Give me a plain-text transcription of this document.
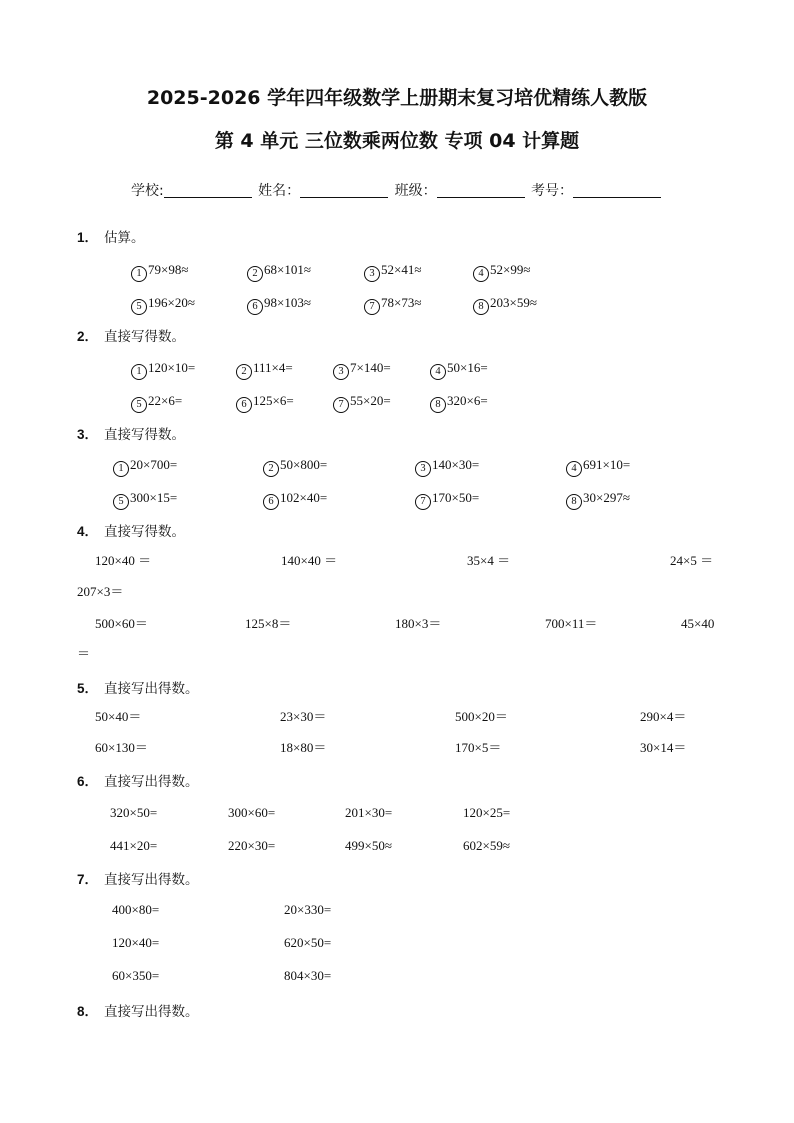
2025-2026 学年四年级数学上册期末复习培优精练人教版
第 4 单元 三位数乘两位数 专项 04 计算题
学校:	姓名：	班级：	考号：
1． 估算。
1 79×98≈	2 68×101≈	3 52×41≈	4 52×99≈
5 196×20≈	6 98×103≈	7 78×73≈	8 203×59≈
2． 直接写得数。
1 120×10=	2 111×4=	3 7×140=	4 50×16=
5 22×6=	6 125×6=	7 55×20=	8 320×6=
3． 直接写得数。
1 20×700=	2 50×800=	3 140×30=	4 691×10=
5 300×15=	6 102×40=	7 170×50=	8 30×297≈
4． 直接写得数。
120×40 ＝	140×40 ＝	35×4 ＝	24×5 ＝
207×3＝
500×60＝	125×8＝	180×3＝	700×11＝	45×40
＝
5． 直接写出得数。
50×40＝	23×30＝	500×20＝	290×4＝
60×130＝	18×80＝	170×5＝	30×14＝
6． 直接写出得数。
320×50=	300×60=	201×30=	120×25=
441×20=	220×30=	499×50≈	602×59≈
7． 直接写出得数。
400×80=	20×330=
120×40=	620×50=
60×350=	804×30=
8． 直接写出得数。
